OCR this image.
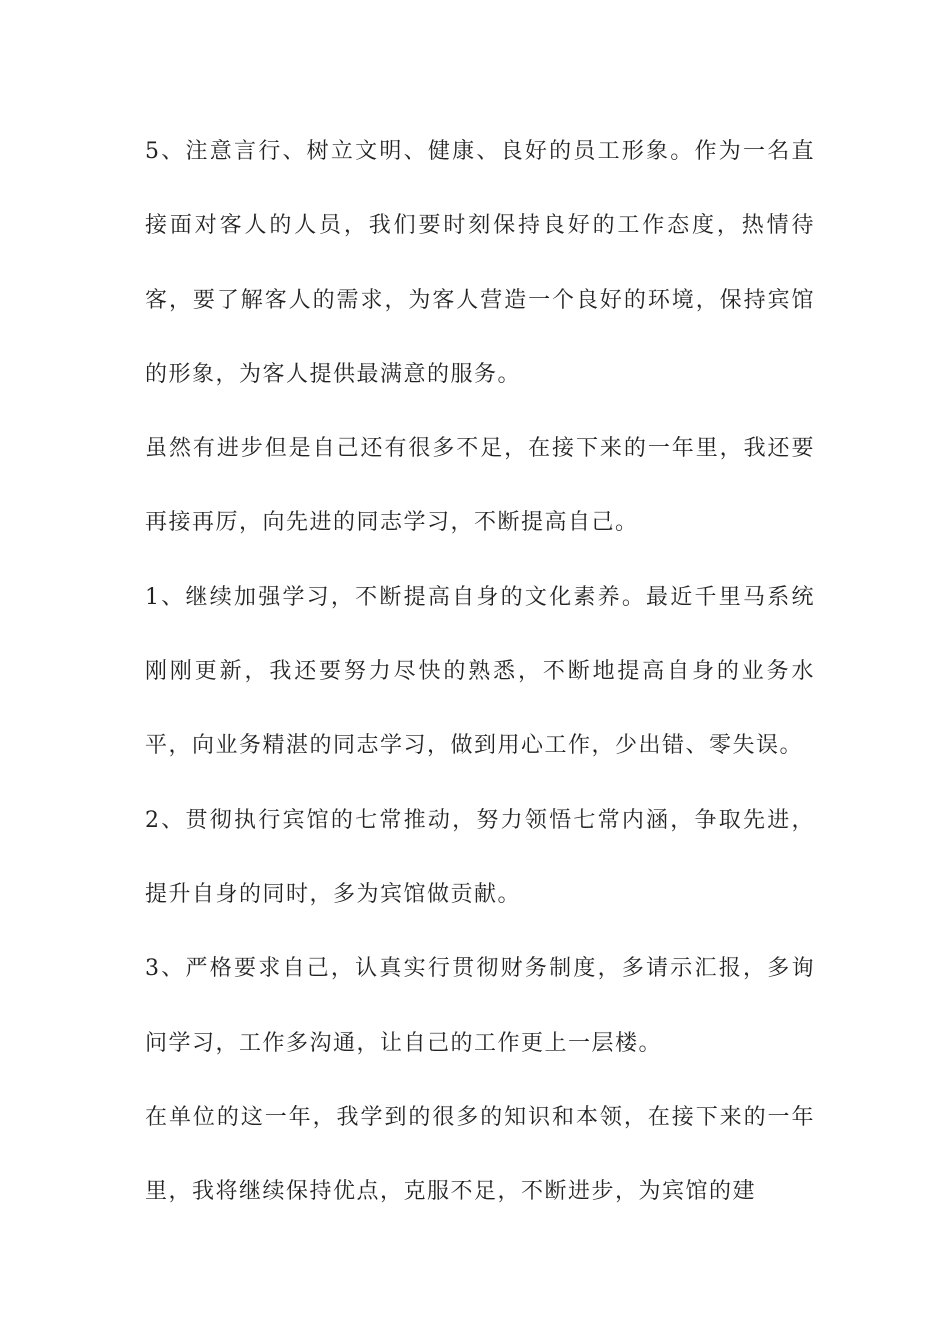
5、注意言行、树立文明、健康、良好的员工形象。作为一名直接面对客人的人员，我们要时刻保持良好的工作态度，热情待客，要了解客人的需求，为客人营造一个良好的环境，保持宾馆的形象，为客人提供最满意的服务。

虽然有进步但是自己还有很多不足，在接下来的一年里，我还要再接再厉，向先进的同志学习，不断提高自己。

1、继续加强学习，不断提高自身的文化素养。最近千里马系统刚刚更新，我还要努力尽快的熟悉，不断地提高自身的业务水平，向业务精湛的同志学习，做到用心工作，少出错、零失误。

2、贯彻执行宾馆的七常推动，努力领悟七常内涵，争取先进，提升自身的同时，多为宾馆做贡献。

3、严格要求自己，认真实行贯彻财务制度，多请示汇报，多询问学习，工作多沟通，让自己的工作更上一层楼。

在单位的这一年，我学到的很多的知识和本领，在接下来的一年里，我将继续保持优点，克服不足，不断进步，为宾馆的建
